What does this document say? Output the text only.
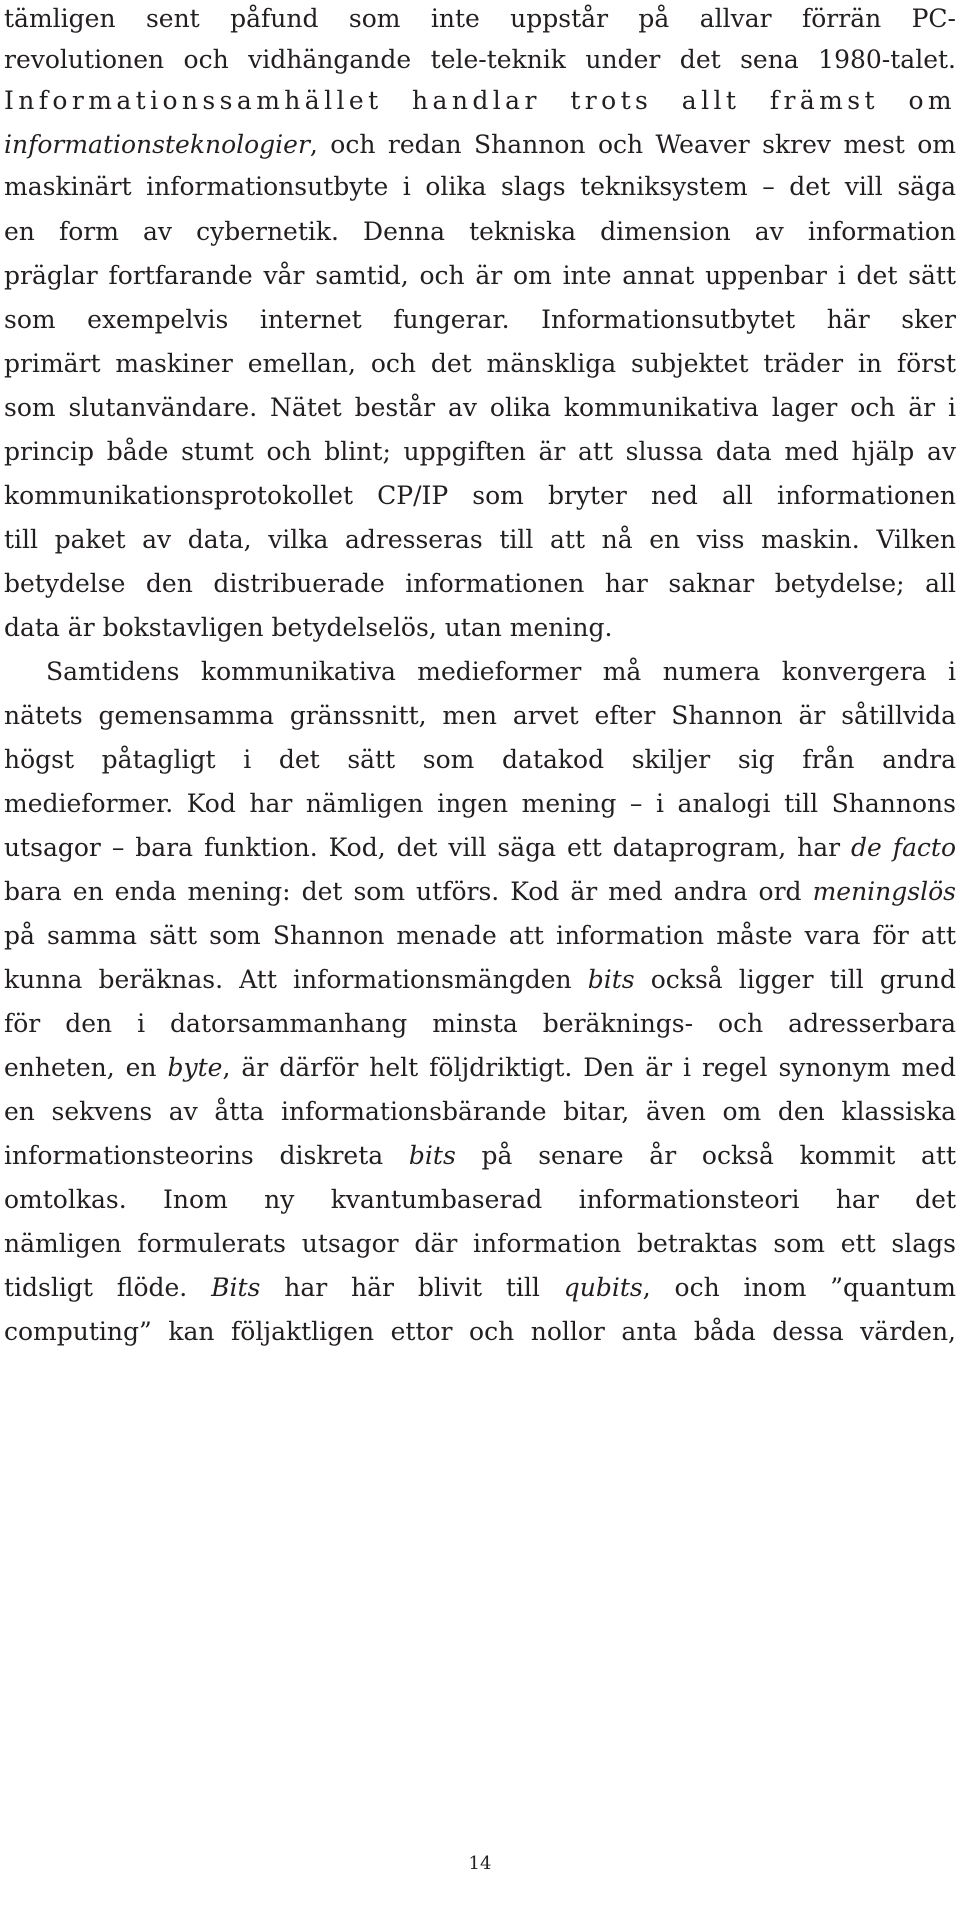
tämligen sent påfund som inte uppstår på allvar förrän PC-
revolutionen och vidhängande tele-teknik under det sena 1980-talet.
Informationssamhället handlar trots allt främst om
informationsteknologier, och redan Shannon och Weaver skrev mest om
maskinärt informationsutbyte i olika slags tekniksystem – det vill säga
en form av cybernetik. Denna tekniska dimension av information
präglar fortfarande vår samtid, och är om inte annat uppenbar i det sätt
som exempelvis internet fungerar. Informationsutbytet här sker
primärt maskiner emellan, och det mänskliga subjektet träder in först
som slutanvändare. Nätet består av olika kommunikativa lager och är i
princip både stumt och blint; uppgiften är att slussa data med hjälp av
kommunikationsprotokollet CP/IP som bryter ned all informationen
till paket av data, vilka adresseras till att nå en viss maskin. Vilken
betydelse den distribuerade informationen har saknar betydelse; all
data är bokstavligen betydelselös, utan mening.
Samtidens kommunikativa medieformer må numera konvergera i
nätets gemensamma gränssnitt, men arvet efter Shannon är såtillvida
högst påtagligt i det sätt som datakod skiljer sig från andra
medieformer. Kod har nämligen ingen mening – i analogi till Shannons
utsagor – bara funktion. Kod, det vill säga ett dataprogram, har de facto
bara en enda mening: det som utförs. Kod är med andra ord meningslös
på samma sätt som Shannon menade att information måste vara för att
kunna beräknas. Att informationsmängden bits också ligger till grund
för den i datorsammanhang minsta beräknings- och adresserbara
enheten, en byte, är därför helt följdriktigt. Den är i regel synonym med
en sekvens av åtta informationsbärande bitar, även om den klassiska
informationsteorins diskreta bits på senare år också kommit att
omtolkas. Inom ny kvantumbaserad informationsteori har det
nämligen formulerats utsagor där information betraktas som ett slags
tidsligt flöde. Bits har här blivit till qubits, och inom ”quantum
computing” kan följaktligen ettor och nollor anta båda dessa värden,
14
